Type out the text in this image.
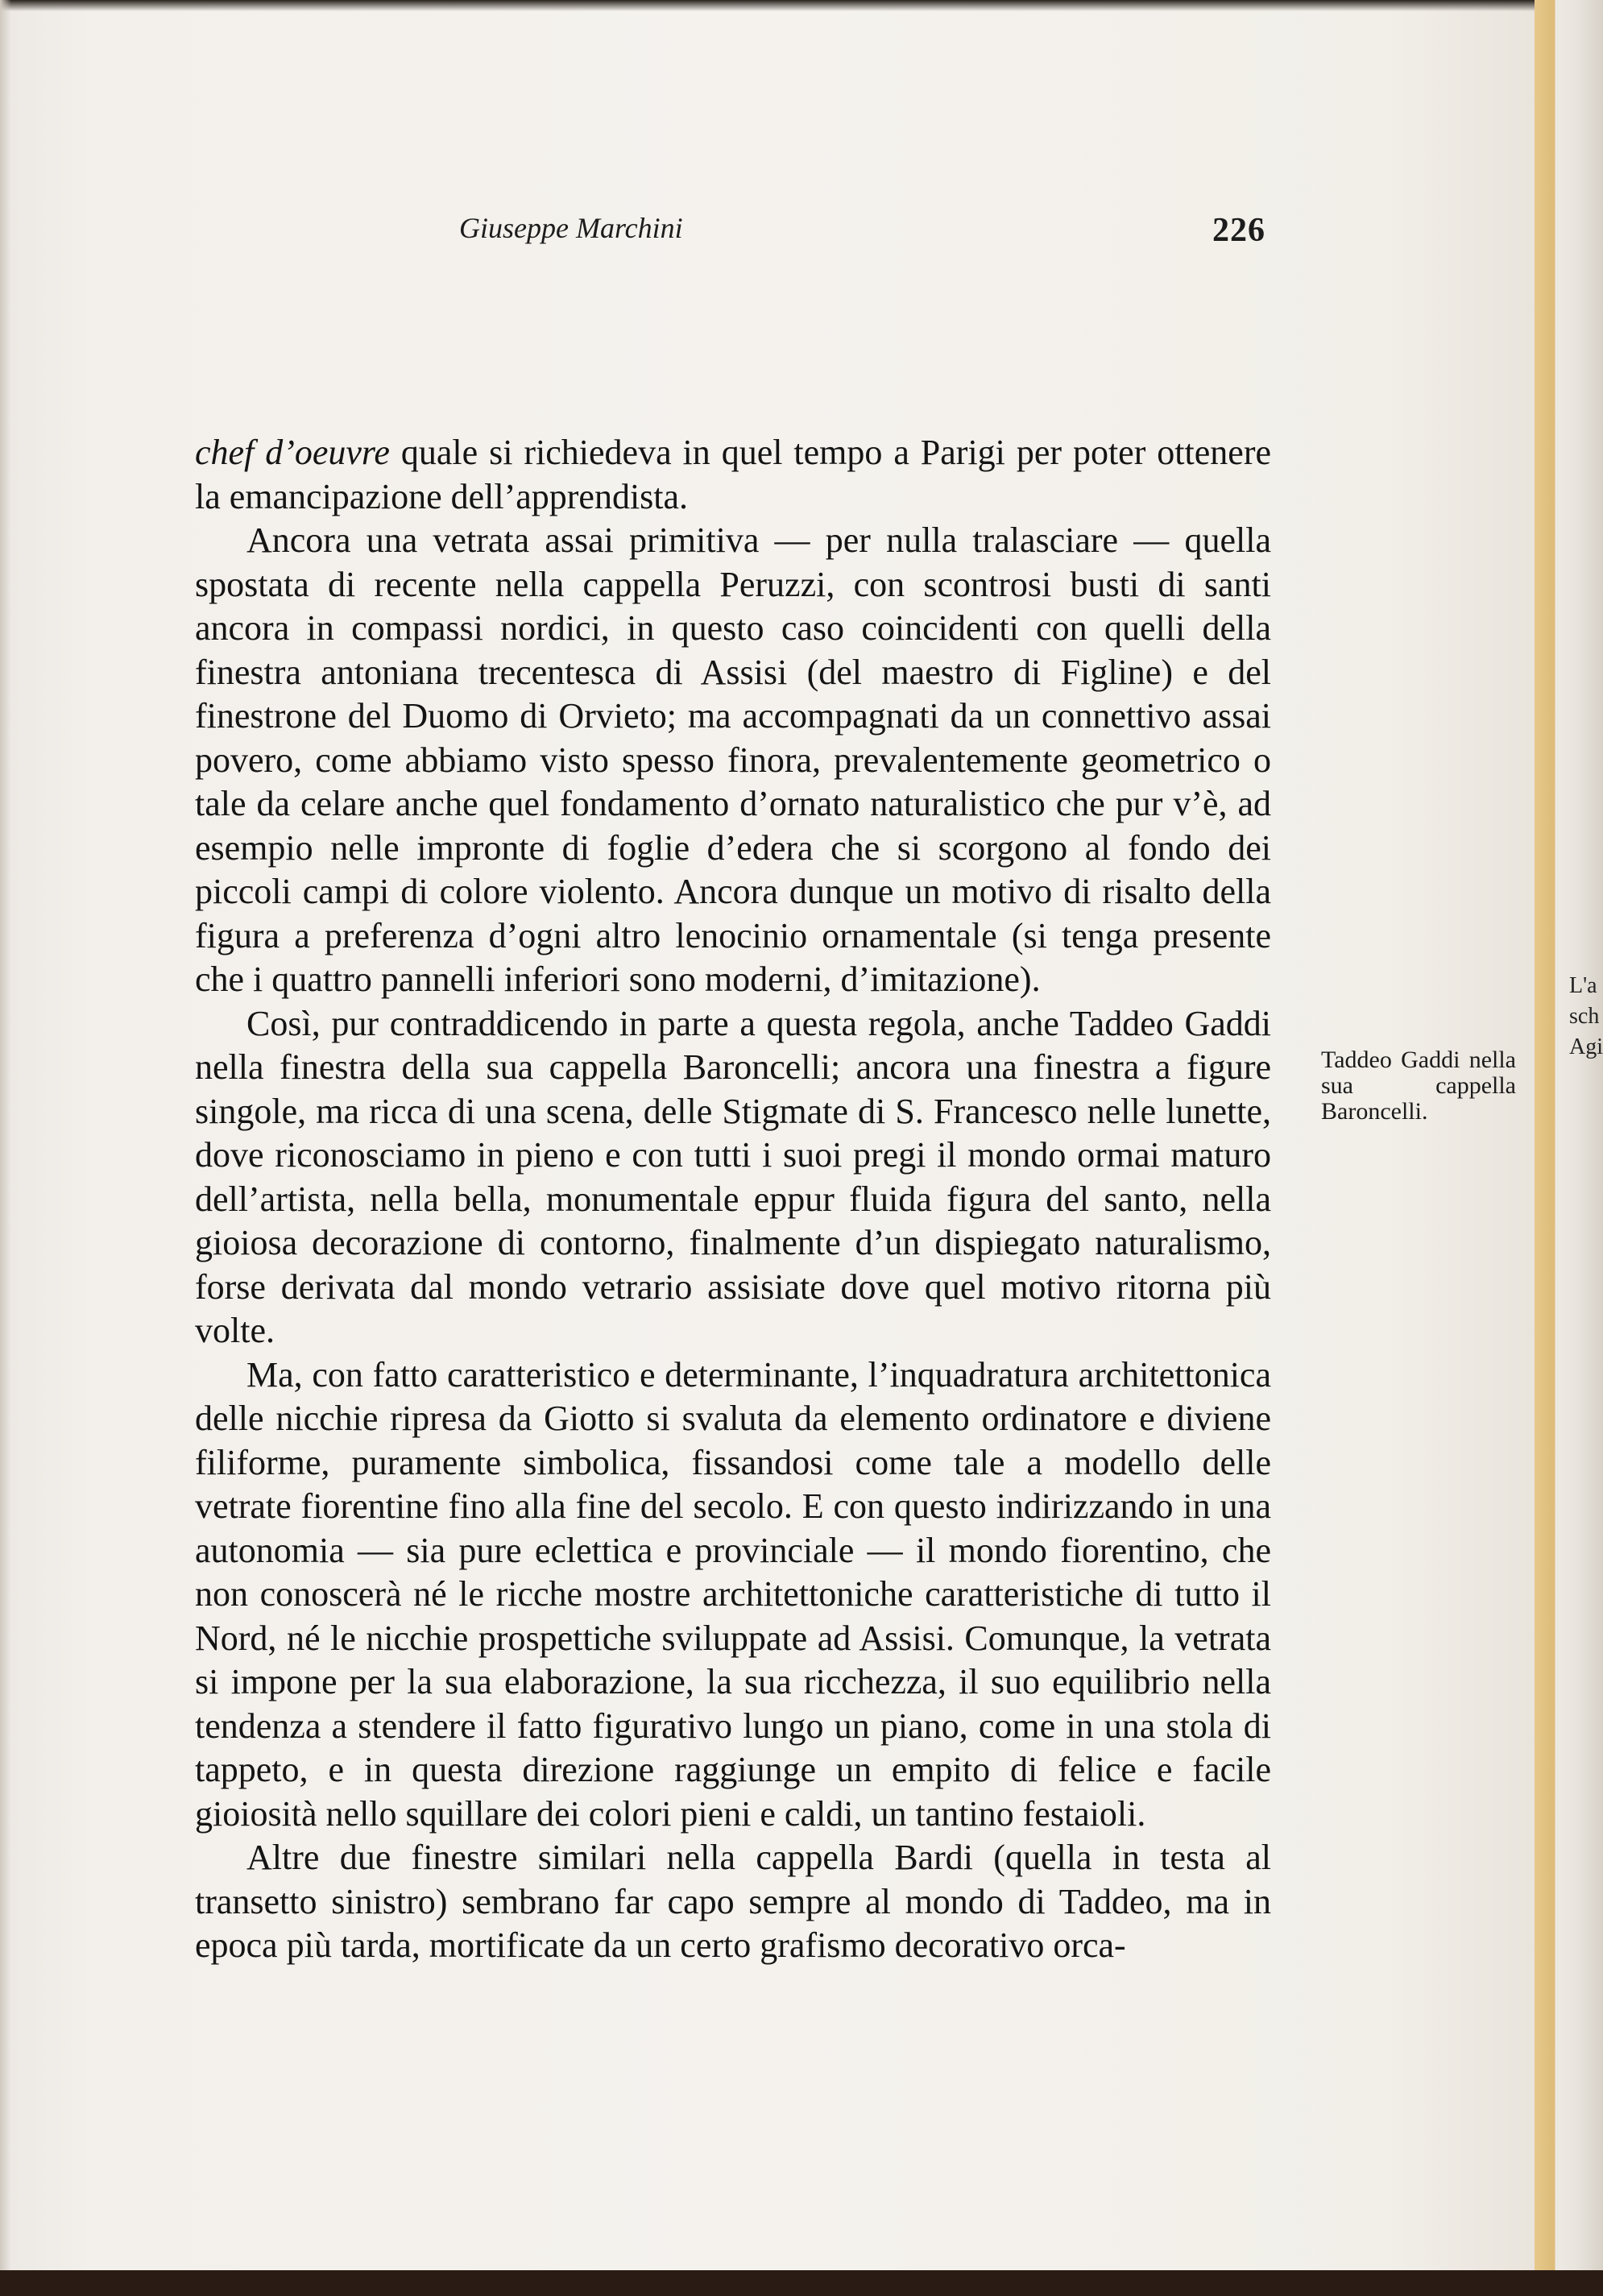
Giuseppe Marchini	226

chef d’oeuvre quale si richiedeva in quel tempo a Parigi per poter ottenere la emancipazione dell’apprendista.

Ancora una vetrata assai primitiva — per nulla tralasciare — quella spostata di recente nella cappella Peruzzi, con scontrosi busti di santi ancora in compassi nordici, in questo caso coincidenti con quelli della finestra antoniana trecentesca di Assisi (del maestro di Figline) e del finestrone del Duomo di Orvieto; ma accompagnati da un connettivo assai povero, come abbiamo visto spesso finora, prevalentemente geometrico o tale da celare anche quel fondamento d’ornato naturalistico che pur v’è, ad esempio nelle impronte di foglie d’edera che si scorgono al fondo dei piccoli campi di colore violento. Ancora dunque un motivo di risalto della figura a preferenza d’ogni altro lenocinio ornamentale (si tenga presente che i quattro pannelli inferiori sono moderni, d’imitazione).

Così, pur contraddicendo in parte a questa regola, anche Taddeo Gaddi nella finestra della sua cappella Baroncelli; ancora una finestra a figure singole, ma ricca di una scena, delle Stigmate di S. Francesco nelle lunette, dove riconosciamo in pieno e con tutti i suoi pregi il mondo ormai maturo dell’artista, nella bella, monumentale eppur fluida figura del santo, nella gioiosa decorazione di contorno, finalmente d’un dispiegato naturalismo, forse derivata dal mondo vetrario assisiate dove quel motivo ritorna più volte.

Ma, con fatto caratteristico e determinante, l’inquadratura architettonica delle nicchie ripresa da Giotto si svaluta da elemento ordinatore e diviene filiforme, puramente simbolica, fissandosi come tale a modello delle vetrate fiorentine fino alla fine del secolo. E con questo indirizzando in una autonomia — sia pure eclettica e provinciale — il mondo fiorentino, che non conoscerà né le ricche mostre architettoniche caratteristiche di tutto il Nord, né le nicchie prospettiche sviluppate ad Assisi. Comunque, la vetrata si impone per la sua elaborazione, la sua ricchezza, il suo equilibrio nella tendenza a stendere il fatto figurativo lungo un piano, come in una stola di tappeto, e in questa direzione raggiunge un empito di felice e facile gioiosità nello squillare dei colori pieni e caldi, un tantino festaioli.

Altre due finestre similari nella cappella Bardi (quella in testa al transetto sinistro) sembrano far capo sempre al mondo di Taddeo, ma in epoca più tarda, mortificate da un certo grafismo decorativo orca-

Taddeo Gaddi nella sua cappella Baroncelli.
L'a
sch
Agi
